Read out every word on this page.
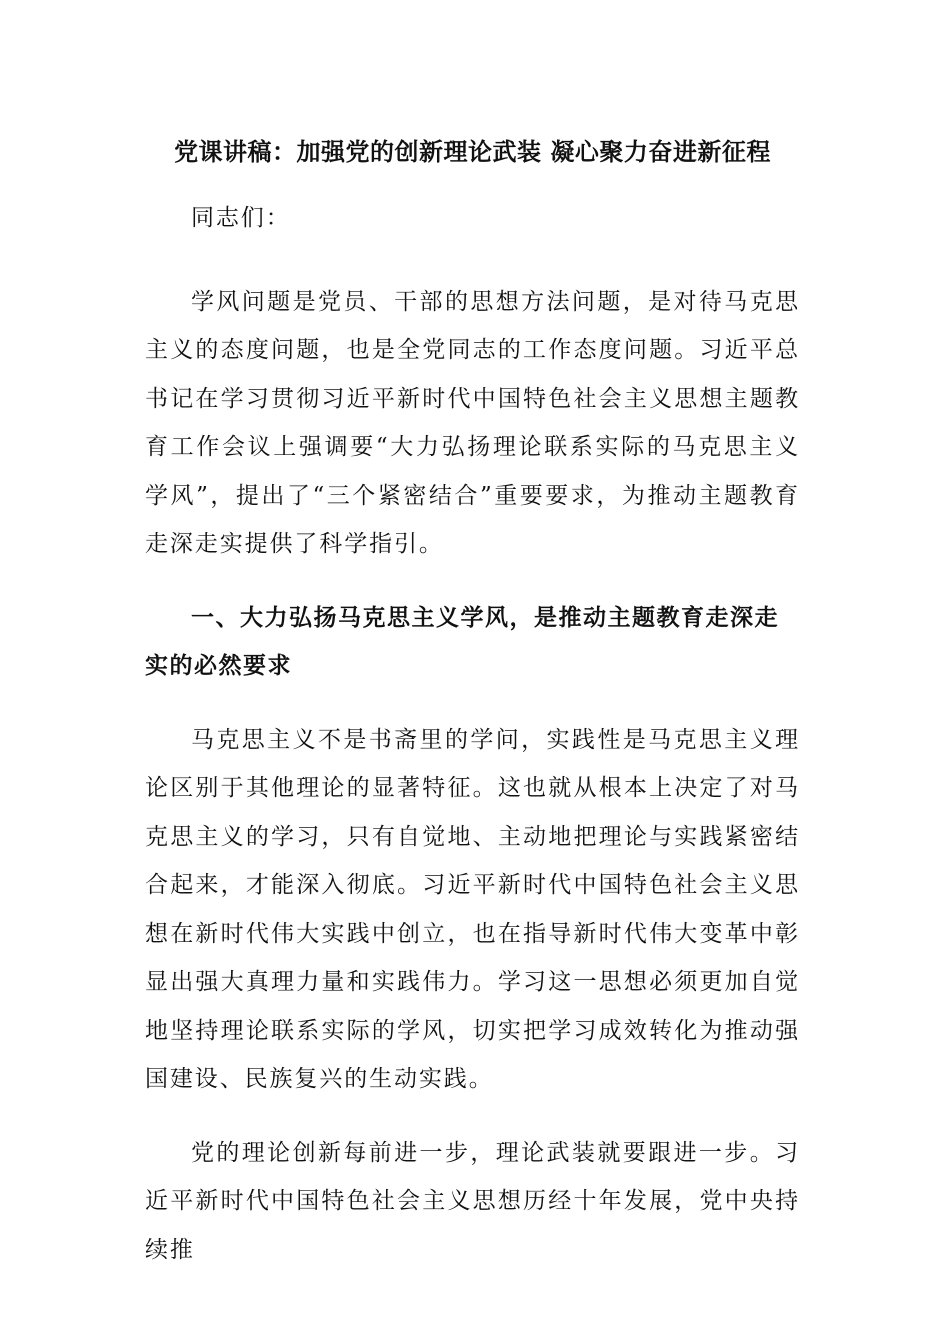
党课讲稿：加强党的创新理论武装 凝心聚力奋进新征程

同志们：

学风问题是党员、干部的思想方法问题，是对待马克思主义的态度问题，也是全党同志的工作态度问题。习近平总书记在学习贯彻习近平新时代中国特色社会主义思想主题教育工作会议上强调要“大力弘扬理论联系实际的马克思主义学风”，提出了“三个紧密结合”重要要求，为推动主题教育走深走实提供了科学指引。

一、大力弘扬马克思主义学风，是推动主题教育走深走实的必然要求

马克思主义不是书斋里的学问，实践性是马克思主义理论区别于其他理论的显著特征。这也就从根本上决定了对马克思主义的学习，只有自觉地、主动地把理论与实践紧密结合起来，才能深入彻底。习近平新时代中国特色社会主义思想在新时代伟大实践中创立，也在指导新时代伟大变革中彰显出强大真理力量和实践伟力。学习这一思想必须更加自觉地坚持理论联系实际的学风，切实把学习成效转化为推动强国建设、民族复兴的生动实践。

党的理论创新每前进一步，理论武装就要跟进一步。习近平新时代中国特色社会主义思想历经十年发展，党中央持续推
